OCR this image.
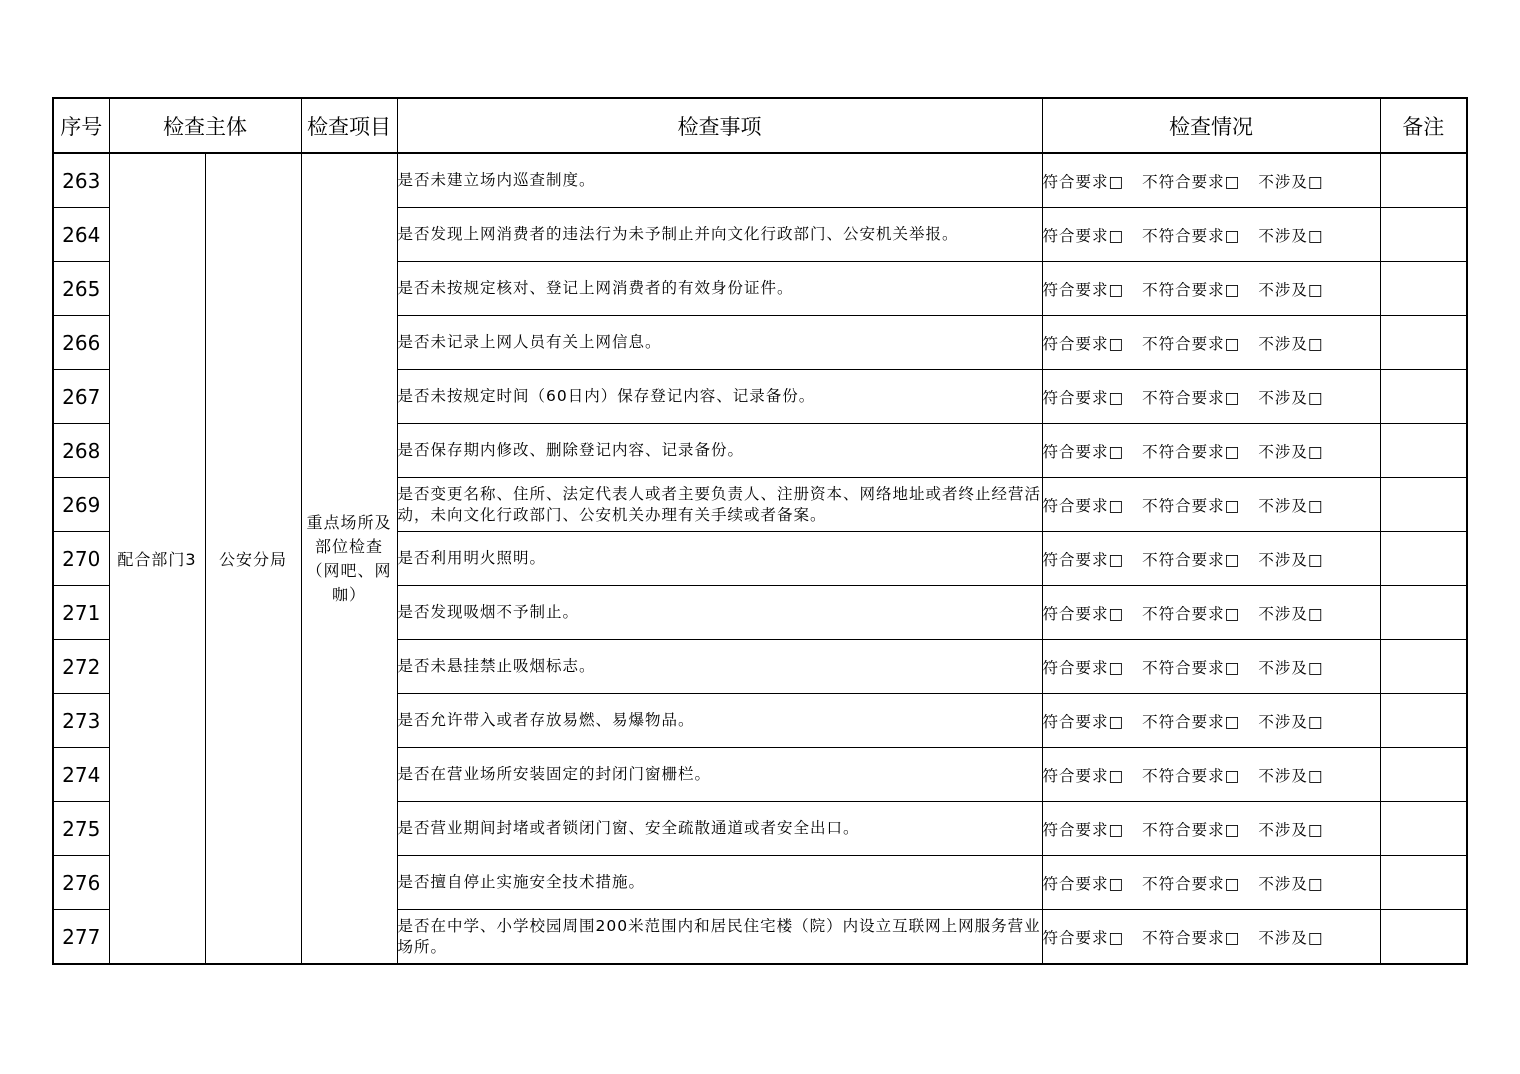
序号	检查主体		检查项目	检查事项	检查情况	备注
263	配合部门3	公安分局	重点场所及部位检查（网吧、网咖）	是否未建立场内巡查制度。	符合要求□ 不符合要求□ 不涉及□	
264				是否发现上网消费者的违法行为未予制止并向文化行政部门、公安机关举报。	符合要求□ 不符合要求□ 不涉及□	
265				是否未按规定核对、登记上网消费者的有效身份证件。	符合要求□ 不符合要求□ 不涉及□	
266				是否未记录上网人员有关上网信息。	符合要求□ 不符合要求□ 不涉及□	
267				是否未按规定时间（60日内）保存登记内容、记录备份。	符合要求□ 不符合要求□ 不涉及□	
268				是否保存期内修改、删除登记内容、记录备份。	符合要求□ 不符合要求□ 不涉及□	
269				是否变更名称、住所、法定代表人或者主要负责人、注册资本、网络地址或者终止经营活动，未向文化行政部门、公安机关办理有关手续或者备案。	符合要求□ 不符合要求□ 不涉及□	
270				是否利用明火照明。	符合要求□ 不符合要求□ 不涉及□	
271				是否发现吸烟不予制止。	符合要求□ 不符合要求□ 不涉及□	
272				是否未悬挂禁止吸烟标志。	符合要求□ 不符合要求□ 不涉及□	
273				是否允许带入或者存放易燃、易爆物品。	符合要求□ 不符合要求□ 不涉及□	
274				是否在营业场所安装固定的封闭门窗栅栏。	符合要求□ 不符合要求□ 不涉及□	
275				是否营业期间封堵或者锁闭门窗、安全疏散通道或者安全出口。	符合要求□ 不符合要求□ 不涉及□	
276				是否擅自停止实施安全技术措施。	符合要求□ 不符合要求□ 不涉及□	
277				是否在中学、小学校园周围200米范围内和居民住宅楼（院）内设立互联网上网服务营业场所。	符合要求□ 不符合要求□ 不涉及□	
